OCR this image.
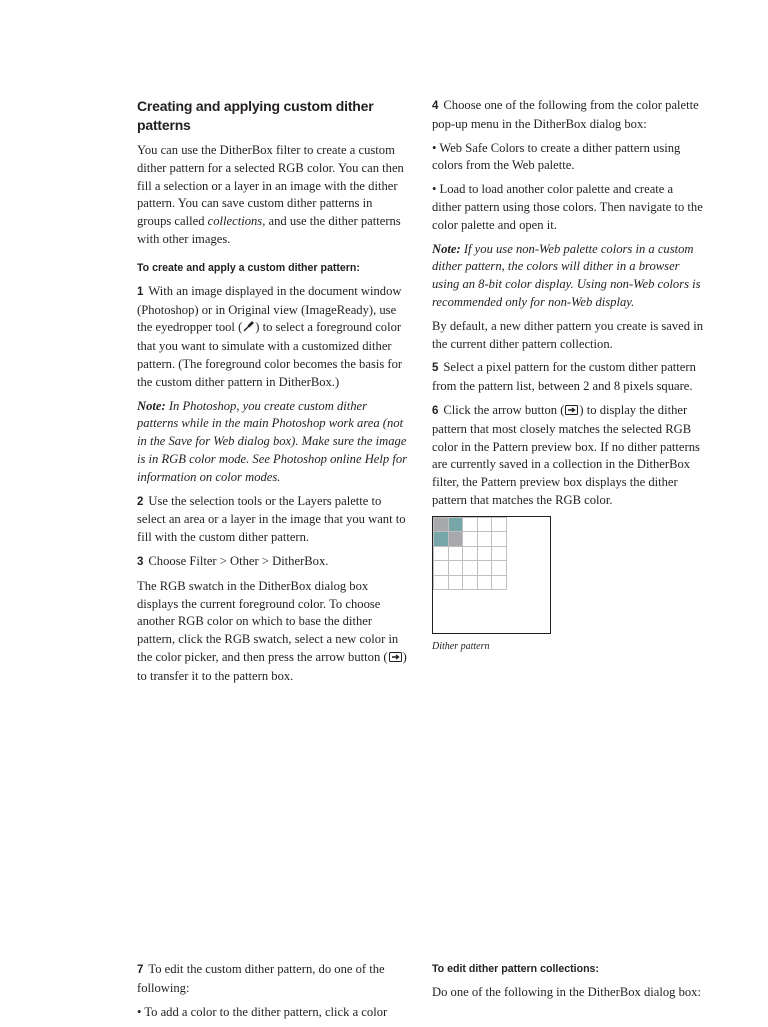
Creating and applying custom dither patterns

You can use the DitherBox filter to create a custom dither pattern for a selected RGB color. You can then fill a selection or a layer in an image with the dither pattern. You can save custom dither patterns in groups called collections, and use the dither patterns with other images.

To create and apply a custom dither pattern:

1 With an image displayed in the document window (Photoshop) or in Original view (ImageReady), use the eyedropper tool ( ) to select a foreground color that you want to simulate with a customized dither pattern. (The foreground color becomes the basis for the custom dither pattern in DitherBox.)

Note: In Photoshop, you create custom dither patterns while in the main Photoshop work area (not in the Save for Web dialog box). Make sure the image is in RGB color mode. See Photoshop online Help for information on color modes.

2 Use the selection tools or the Layers palette to select an area or a layer in the image that you want to fill with the custom dither pattern.

3 Choose Filter > Other > DitherBox.

The RGB swatch in the DitherBox dialog box displays the current foreground color. To choose another RGB color on which to base the dither pattern, click the RGB swatch, select a new color in the color picker, and then press the arrow button ( ) to transfer it to the pattern box.

4 Choose one of the following from the color palette pop-up menu in the DitherBox dialog box:

• Web Safe Colors to create a dither pattern using colors from the Web palette.

• Load to load another color palette and create a dither pattern using those colors. Then navigate to the color palette and open it.

Note: If you use non-Web palette colors in a custom dither pattern, the colors will dither in a browser using an 8-bit color display. Using non-Web colors is recommended only for non-Web display.

By default, a new dither pattern you create is saved in the current dither pattern collection.

5 Select a pixel pattern for the custom dither pattern from the pattern list, between 2 and 8 pixels square.

6 Click the arrow button ( ) to display the dither pattern that most closely matches the selected RGB color in the Pattern preview box. If no dither patterns are currently saved in a collection in the DitherBox filter, the Pattern preview box displays the dither pattern that matches the RGB color.

Dither pattern

7 To edit the custom dither pattern, do one of the following:

• To add a color to the dither pattern, click a color

To edit dither pattern collections:

Do one of the following in the DitherBox dialog box:
